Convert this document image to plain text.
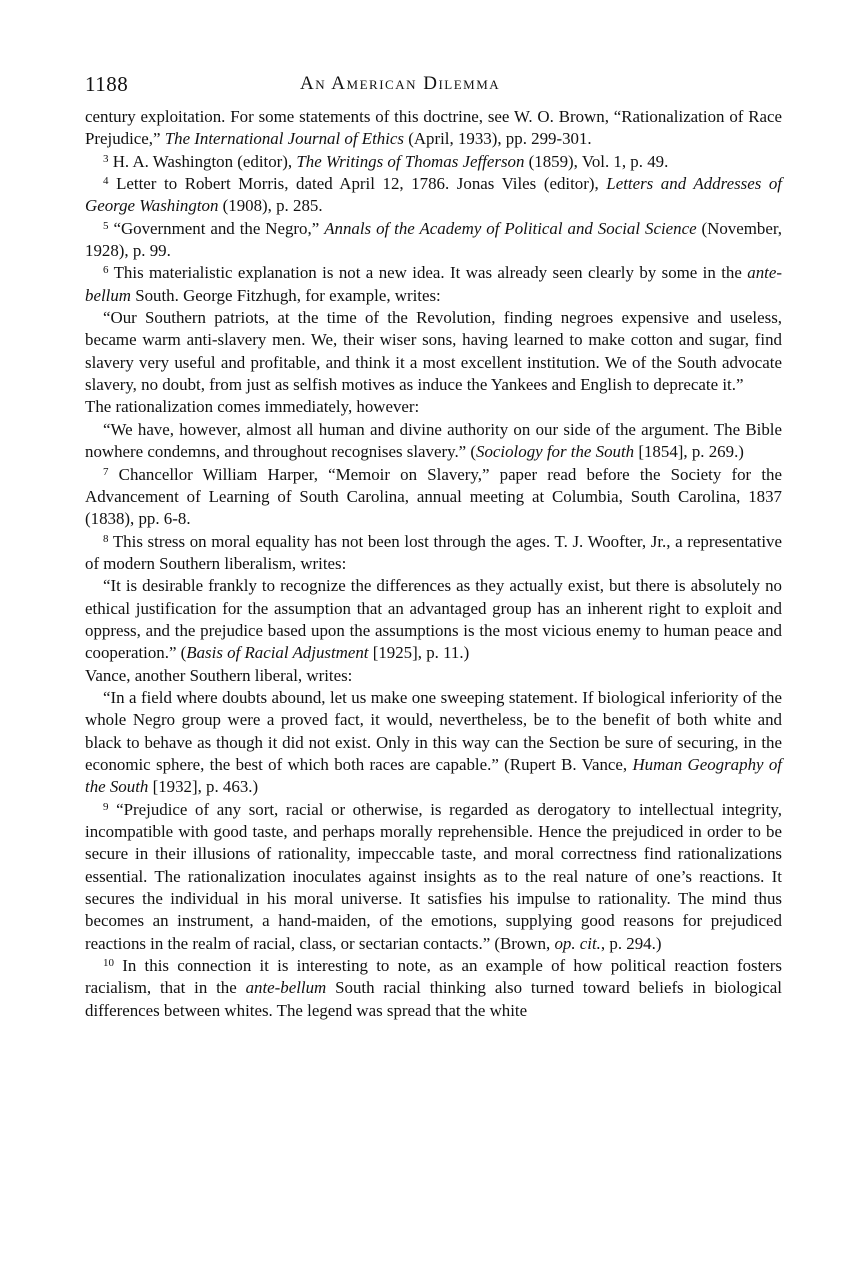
1188	An American Dilemma

century exploitation. For some statements of this doctrine, see W. O. Brown, “Rationalization of Race Prejudice,” The International Journal of Ethics (April, 1933), pp. 299-301.

$^3$ H. A. Washington (editor), The Writings of Thomas Jefferson (1859), Vol. 1, p. 49.

$^4$ Letter to Robert Morris, dated April 12, 1786. Jonas Viles (editor), Letters and Addresses of George Washington (1908), p. 285.

$^5$ “Government and the Negro,” Annals of the Academy of Political and Social Science (November, 1928), p. 99.

$^6$ This materialistic explanation is not a new idea. It was already seen clearly by some in the ante-bellum South. George Fitzhugh, for example, writes:

“Our Southern patriots, at the time of the Revolution, finding negroes expensive and useless, became warm anti-slavery men. We, their wiser sons, having learned to make cotton and sugar, find slavery very useful and profitable, and think it a most excellent institution. We of the South advocate slavery, no doubt, from just as selfish motives as induce the Yankees and English to deprecate it.”

The rationalization comes immediately, however:

“We have, however, almost all human and divine authority on our side of the argument. The Bible nowhere condemns, and throughout recognises slavery.” (Sociology for the South [1854], p. 269.)

$^7$ Chancellor William Harper, “Memoir on Slavery,” paper read before the Society for the Advancement of Learning of South Carolina, annual meeting at Columbia, South Carolina, 1837 (1838), pp. 6-8.

$^8$ This stress on moral equality has not been lost through the ages. T. J. Woofter, Jr., a representative of modern Southern liberalism, writes:

“It is desirable frankly to recognize the differences as they actually exist, but there is absolutely no ethical justification for the assumption that an advantaged group has an inherent right to exploit and oppress, and the prejudice based upon the assumptions is the most vicious enemy to human peace and cooperation.” (Basis of Racial Adjustment [1925], p. 11.)

Vance, another Southern liberal, writes:

“In a field where doubts abound, let us make one sweeping statement. If biological inferiority of the whole Negro group were a proved fact, it would, nevertheless, be to the benefit of both white and black to behave as though it did not exist. Only in this way can the Section be sure of securing, in the economic sphere, the best of which both races are capable.” (Rupert B. Vance, Human Geography of the South [1932], p. 463.)

$^9$ “Prejudice of any sort, racial or otherwise, is regarded as derogatory to intellectual integrity, incompatible with good taste, and perhaps morally reprehensible. Hence the prejudiced in order to be secure in their illusions of rationality, impeccable taste, and moral correctness find rationalizations essential. The rationalization inoculates against insights as to the real nature of one’s reactions. It secures the individual in his moral universe. It satisfies his impulse to rationality. The mind thus becomes an instrument, a hand-maiden, of the emotions, supplying good reasons for prejudiced reactions in the realm of racial, class, or sectarian contacts.” (Brown, op. cit., p. 294.)

$^{10}$ In this connection it is interesting to note, as an example of how political reaction fosters racialism, that in the ante-bellum South racial thinking also turned toward beliefs in biological differences between whites. The legend was spread that the white
